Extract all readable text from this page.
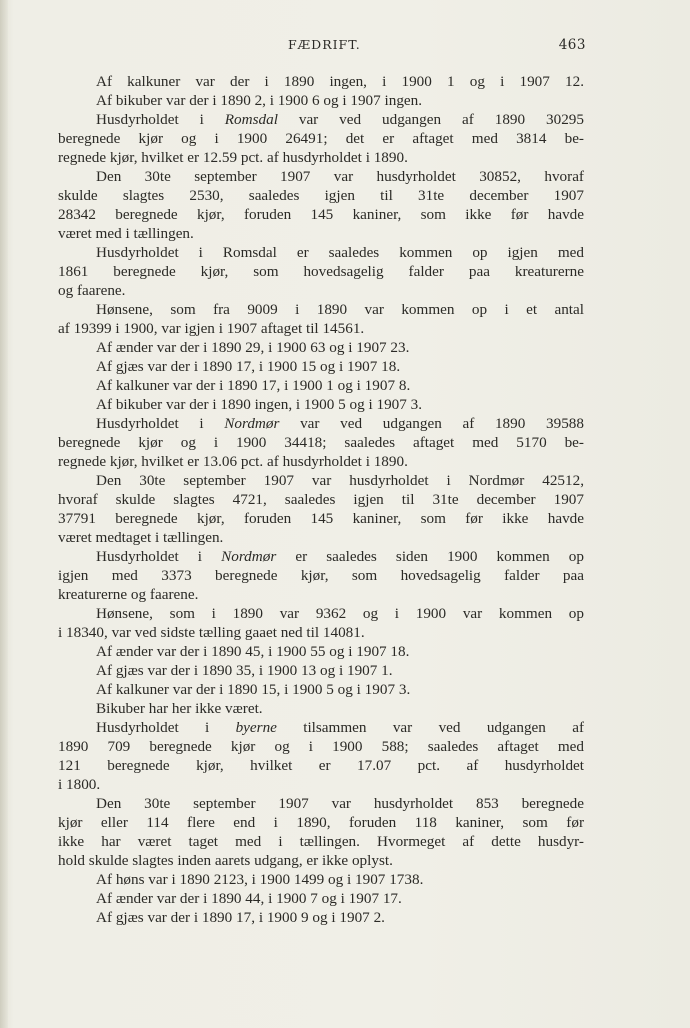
FÆDRIFT.	463
Af kalkuner var der i 1890 ingen, i 1900 1 og i 1907 12.
Af bikuber var der i 1890 2, i 1900 6 og i 1907 ingen.
Husdyrholdet i Romsdal var ved udgangen af 1890 30295
beregnede kjør og i 1900 26491; det er aftaget med 3814 be-
regnede kjør, hvilket er 12.59 pct. af husdyrholdet i 1890.
Den 30te september 1907 var husdyrholdet 30852, hvoraf
skulde slagtes 2530, saaledes igjen til 31te december 1907
28342 beregnede kjør, foruden 145 kaniner, som ikke før havde
været med i tællingen.
Husdyrholdet i Romsdal er saaledes kommen op igjen med
1861 beregnede kjør, som hovedsagelig falder paa kreaturerne
og faarene.
Hønsene, som fra 9009 i 1890 var kommen op i et antal
af 19399 i 1900, var igjen i 1907 aftaget til 14561.
Af ænder var der i 1890 29, i 1900 63 og i 1907 23.
Af gjæs var der i 1890 17, i 1900 15 og i 1907 18.
Af kalkuner var der i 1890 17, i 1900 1 og i 1907 8.
Af bikuber var der i 1890 ingen, i 1900 5 og i 1907 3.
Husdyrholdet i Nordmør var ved udgangen af 1890 39588
beregnede kjør og i 1900 34418; saaledes aftaget med 5170 be-
regnede kjør, hvilket er 13.06 pct. af husdyrholdet i 1890.
Den 30te september 1907 var husdyrholdet i Nordmør 42512,
hvoraf skulde slagtes 4721, saaledes igjen til 31te december 1907
37791 beregnede kjør, foruden 145 kaniner, som før ikke havde
været medtaget i tællingen.
Husdyrholdet i Nordmør er saaledes siden 1900 kommen op
igjen med 3373 beregnede kjør, som hovedsagelig falder paa
kreaturerne og faarene.
Hønsene, som i 1890 var 9362 og i 1900 var kommen op
i 18340, var ved sidste tælling gaaet ned til 14081.
Af ænder var der i 1890 45, i 1900 55 og i 1907 18.
Af gjæs var der i 1890 35, i 1900 13 og i 1907 1.
Af kalkuner var der i 1890 15, i 1900 5 og i 1907 3.
Bikuber har her ikke været.
Husdyrholdet i byerne tilsammen var ved udgangen af
1890 709 beregnede kjør og i 1900 588; saaledes aftaget med
121 beregnede kjør, hvilket er 17.07 pct. af husdyrholdet
i 1800.
Den 30te september 1907 var husdyrholdet 853 beregnede
kjør eller 114 flere end i 1890, foruden 118 kaniner, som før
ikke har været taget med i tællingen. Hvormeget af dette husdyr-
hold skulde slagtes inden aarets udgang, er ikke oplyst.
Af høns var i 1890 2123, i 1900 1499 og i 1907 1738.
Af ænder var der i 1890 44, i 1900 7 og i 1907 17.
Af gjæs var der i 1890 17, i 1900 9 og i 1907 2.
